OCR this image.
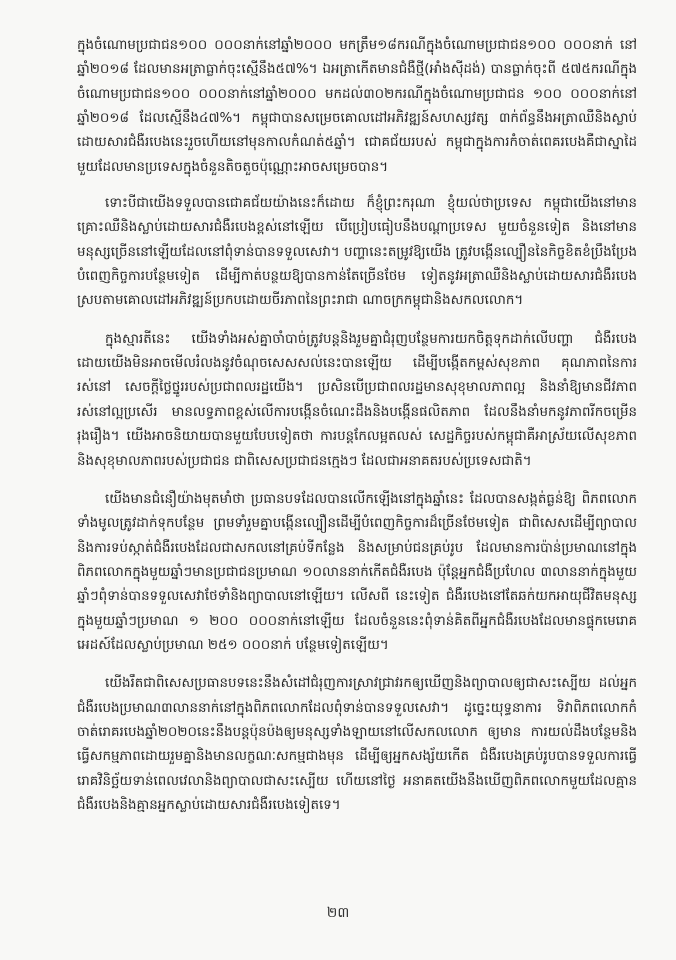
ក្នុងចំណោមប្រជាជន១០០ ០០០នាក់នៅឆ្នាំ២០០០ មកត្រឹម១៨ករណីក្នុងចំណោមប្រជាជន១០០ ០០០នាក់ នៅឆ្នាំ២០១៨ ដែលមានអត្រាធ្លាក់ចុះស្មើនឹង៥៧%។ ឯអត្រាកើតមានជំងឺថ្មី(អាំងស៊ីដង់) បានធ្លាក់ចុះពី ៥៧៥ករណីក្នុងចំណោមប្រជាជន១០០ ០០០នាក់នៅឆ្នាំ២០០០ មកដល់៣០២ករណីក្នុងចំណោមប្រជាជន ១០០ ០០០នាក់នៅឆ្នាំ២០១៨ ដែលស្មើនឹង៤៧%។ កម្ពុជាបានសម្រេចគោលដៅអភិវឌ្ឍន៍សហស្សវត្ស ៣ក់ព័ន្ធនឹងអត្រាឈឺនិងស្លាប់ដោយសារជំងឺរបេងនេះរួចហើយនៅមុនកាលកំណត់៥ឆ្នាំ។ ជោគជ័យរបស់ កម្ពុជាក្នុងការកំចាត់ពេគរបេងគឺជាស្នាដៃមួយដែលមានប្រទេសក្នុងចំនួនតិចតួចប៉ុណ្ណោះអាចសម្រេចបាន។

ទោះបីជាយើងទទួលបានជោគជ័យយ៉ាងនេះក៏ដោយ ក៏ខ្ញុំព្រះករុណា ខ្ញុំយល់ថាប្រទេស កម្ពុជាយើងនៅមានគ្រោះឈឺនិងស្លាប់ដោយសារជំងឺរបេងខ្ពស់នៅឡើយ បើប្រៀបធៀបនឹងបណ្តាប្រទេស មួយចំនួនទៀត និងនៅមានមនុស្សច្រើននៅឡើយដែលនៅពុំទាន់បានទទួលសេវា។ បញ្ហានេះតម្រូវឱ្យយើង ត្រូវបង្កើនល្បឿននៃកិច្ចខិតខំប្រឹងប្រែងបំពេញកិច្ចការបន្ថែមទៀត ដើម្បីកាត់បន្ថយឱ្យបានកាន់តែច្រើនថែម ទៀតនូវអត្រាឈឺនិងស្លាប់ដោយសារជំងឺរបេង ស្របតាមគោលដៅអភិវឌ្ឍន៍ប្រកបដោយចីរភាពនៃព្រះរាជា ណាចក្រកម្ពុជានិងសកលលោក។

ក្នុងស្មារតីនេះ យើងទាំងអស់គ្នាចាំបាច់ត្រូវបន្តនិងរួមគ្នាជំរុញបន្ថែមការយកចិត្តទុកដាក់លើបញ្ហា ជំងឺរបេង ដោយយើងមិនអាចមើលរំលងនូវចំណុចសេសសល់នេះបានឡើយ ដើម្បីបង្កើតកម្ពស់សុខភាព គុណភាពនៃការរស់នៅ សេចក្តីថ្លៃថ្នូររបស់ប្រជាពលរដ្ឋយើង។ ប្រសិនបើប្រជាពលរដ្ឋមានសុខុមាលភាពល្អ និងនាំឱ្យមានជីវភាពរស់នៅល្អប្រសើរ មានលទ្ធភាពខ្ពស់លើការបង្កើនចំណេះដឹងនិងបង្កើនផលិតភាព ដែលនឹងនាំមកនូវភាពរីកចម្រើនរុងរឿង។ យើងអាចនិយាយបានមួយបែបទៀតថា ការបន្តកែលម្អតលស់ សេដ្ឋកិច្ចរបស់កម្ពុជាគឺអាស្រ័យលើសុខភាពនិងសុខុមាលភាពរបស់ប្រជាជន ជាពិសេសប្រជាជនក្មេងៗ ដែលជាអនាគតរបស់ប្រទេសជាតិ។

យើងមានជំនឿយ៉ាងមុតមាំថា ប្រធានបទដែលបានលើកឡើងនៅក្នុងឆ្នាំនេះ ដែលបានសង្កត់ធ្ងន់ឱ្យ ពិភពលោកទាំងមូលត្រូវដាក់ទុកបន្ថែម ព្រមទាំរួមគ្នាបង្កើនល្បឿនដើម្បីបំពេញកិច្ចការដ៏ច្រើនថែមទៀត ជាពិសេសដើម្បីព្យាបាលនិងការទប់ស្កាត់ជំងឺរបេងដែលជាសកលនៅគ្រប់ទីកន្លែង និងសម្រាប់ជនគ្រប់រូប ដែលមានការប៉ាន់ប្រមាណនៅក្នុងពិភពលោកក្នុងមួយឆ្នាំៗមានប្រជាជនប្រមាណ ១០លាននាក់កើតជំងឺរបេង ប៉ុន្តែអ្នកជំងឺប្រហែល ៣លាននាក់ក្នុងមួយឆ្នាំៗពុំទាន់បានទទួលសេវាថែទាំនិងព្យាបាលនៅឡើយ។ លើសពី នេះទៀត ជំងឺរបេងនៅតែឆក់យកអាយុជីវិតមនុស្សក្នុងមួយឆ្នាំៗប្រមាណ ១ ២០០ ០០០នាក់នៅឡើយ ដែលចំនួននេះពុំទាន់គិតពីអ្នកជំងឺរបេងដែលមានផ្ទុកមេរោគអេដស៍ដែលស្លាប់ប្រមាណ ២៥១ ០០០នាក់ បន្ថែមទៀតឡើយ។

យើងរឹតជាពិសេសប្រធានបទនេះនឹងសំដៅជំរុញការស្រាវជ្រាវរកឲ្យឃើញនិងព្យាបាលឲ្យជាសះស្បើយ ដល់អ្នកជំងឺរបេងប្រមាណ៣លាននាក់នៅក្នុងពិភពលោកដែលពុំទាន់បានទទួលសេវា។ ដូច្នេះយុទ្ធនាការ ទិវាពិភពលោកកំចាត់រោគរបេងឆ្នាំ២០២០នេះនឹងបន្តប៉ុនប៉ងឲ្យមនុស្សទាំងឡាយនៅលើសកលលោក ឲ្យមាន ការយល់ដឹងបន្ថែមនិងធ្វើសកម្មភាពដោយរួមគ្នានិងមានលក្ខណៈសកម្មជាងមុន ដើម្បីឲ្យអ្នកសង្ស័យកើត ជំងឺរបេងគ្រប់រូបបានទទួលការធ្វើរោគវិនិច្ឆ័យទាន់ពេលវេលានិងព្យាបាលជាសះស្បើយ ហើយនៅថ្ងៃ អនាគតយើងនឹងឃើញពិភពលោកមួយដែលគ្មានជំងឺរបេងនិងគ្មានអ្នកស្លាប់ដោយសារជំងឺរបេងទៀតទេ។

២៣
